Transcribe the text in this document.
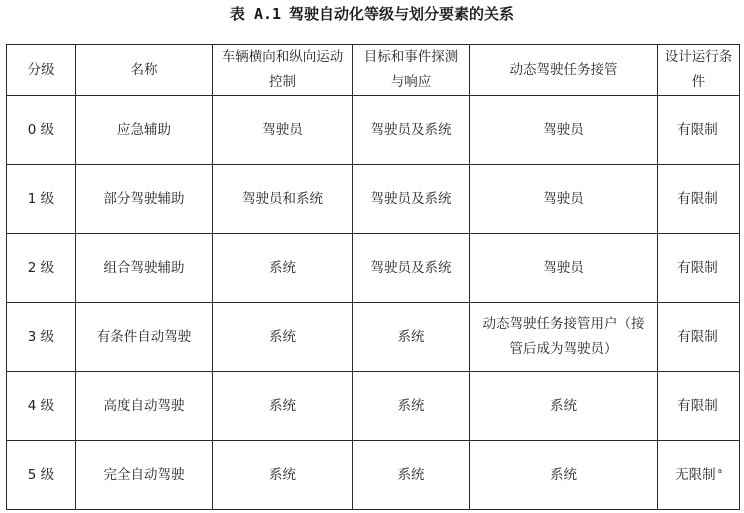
表 A.1 驾驶自动化等级与划分要素的关系
分级	名称	车辆横向和纵向运动控制	目标和事件探测与响应	动态驾驶任务接管	设计运行条件
0 级	应急辅助	驾驶员	驾驶员及系统	驾驶员	有限制
1 级	部分驾驶辅助	驾驶员和系统	驾驶员及系统	驾驶员	有限制
2 级	组合驾驶辅助	系统	驾驶员及系统	驾驶员	有限制
3 级	有条件自动驾驶	系统	系统	动态驾驶任务接管用户（接管后成为驾驶员）	有限制
4 级	高度自动驾驶	系统	系统	系统	有限制
5 级	完全自动驾驶	系统	系统	系统	无限制 $^a$
